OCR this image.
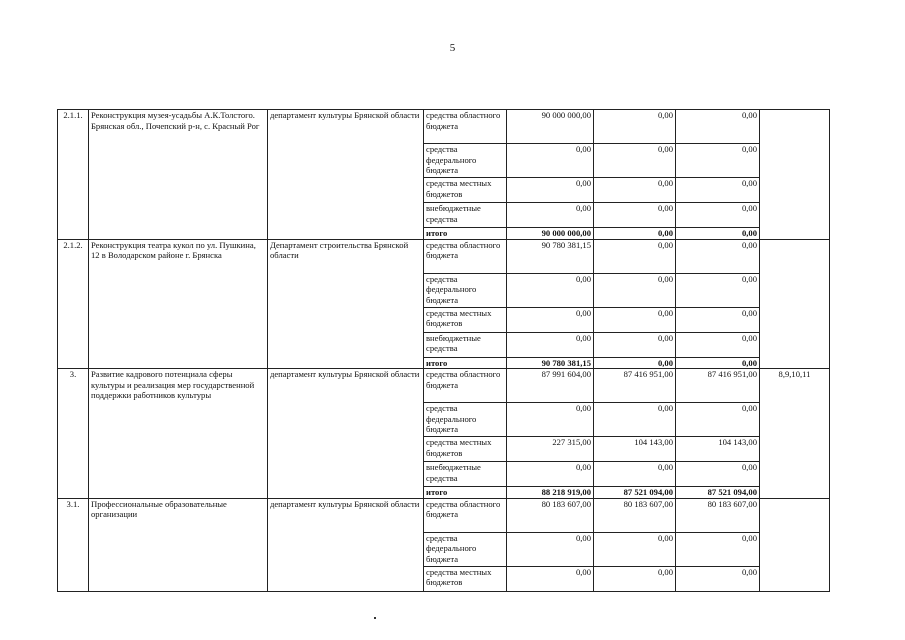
5
2.1.1.	Реконструкция музея-усадьбы А.К.Толстого. Брянская обл., Почепский р-н, с. Красный Рог	департамент культуры Брянской области	средства областного бюджета	90 000 000,00	0,00	0,00	
			средства федерального бюджета	0,00	0,00	0,00	
			средства местных бюджетов	0,00	0,00	0,00	
			внебюджетные средства	0,00	0,00	0,00	
			итого	90 000 000,00	0,00	0,00	
2.1.2.	Реконструкция театра кукол по ул. Пушкина, 12 в Володарском районе г. Брянска	Департамент строительства Брянской области	средства областного бюджета	90 780 381,15	0,00	0,00	
			средства федерального бюджета	0,00	0,00	0,00	
			средства местных бюджетов	0,00	0,00	0,00	
			внебюджетные средства	0,00	0,00	0,00	
			итого	90 780 381,15	0,00	0,00	
3.	Развитие кадрового потенциала сферы культуры и реализация мер государственной поддержки работников культуры	департамент культуры Брянской области	средства областного бюджета	87 991 604,00	87 416 951,00	87 416 951,00	8,9,10,11
			средства федерального бюджета	0,00	0,00	0,00	
			средства местных бюджетов	227 315,00	104 143,00	104 143,00	
			внебюджетные средства	0,00	0,00	0,00	
			итого	88 218 919,00	87 521 094,00	87 521 094,00	
3.1.	Профессиональные образовательные организации	департамент культуры Брянской области	средства областного бюджета	80 183 607,00	80 183 607,00	80 183 607,00	
			средства федерального бюджета	0,00	0,00	0,00	
			средства местных бюджетов	0,00	0,00	0,00	
